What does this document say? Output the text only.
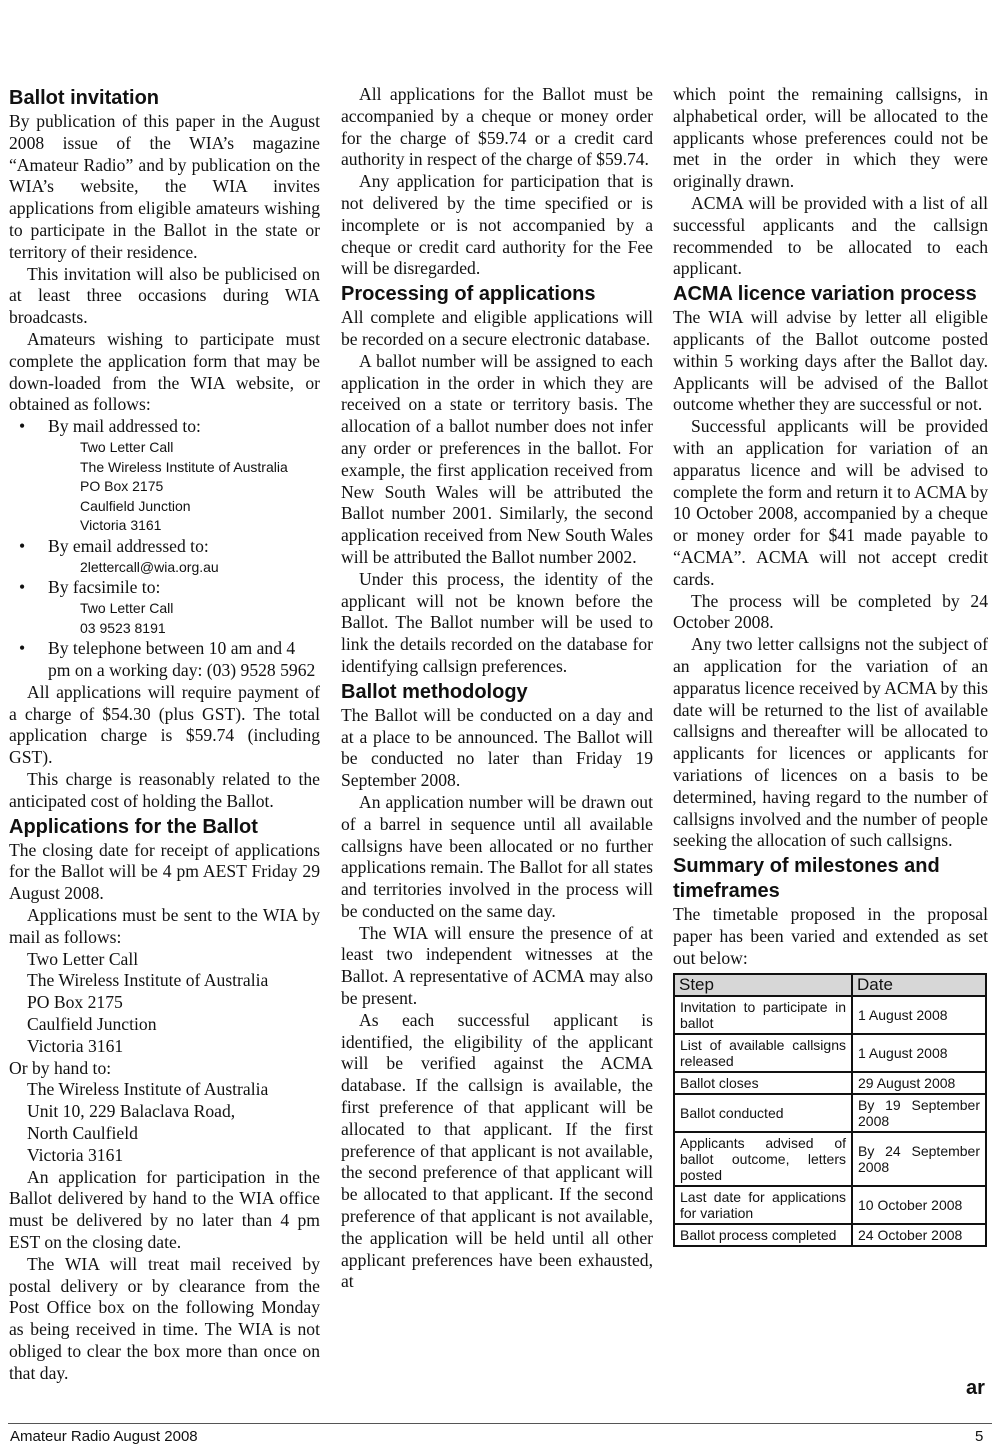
Ballot invitation

By publication of this paper in the August 2008 issue of the WIA’s magazine “Amateur Radio” and by publication on the WIA’s website, the WIA invites applications from eligible amateurs wishing to participate in the Ballot in the state or territory of their residence.

This invitation will also be publicised on at least three occasions during WIA broadcasts.

Amateurs wishing to participate must complete the application form that may be down-loaded from the WIA website, or obtained as follows:

• By mail addressed to:
Two Letter Call
The Wireless Institute of Australia
PO Box 2175
Caulfield Junction
Victoria 3161
• By email addressed to:
2lettercall@wia.org.au
• By facsimile to:
Two Letter Call
03 9523 8191
• By telephone between 10 am and 4 pm on a working day: (03) 9528 5962

All applications will require payment of a charge of $54.30 (plus GST). The total application charge is $59.74 (including GST).

This charge is reasonably related to the anticipated cost of holding the Ballot.

Applications for the Ballot

The closing date for receipt of applications for the Ballot will be 4 pm AEST Friday 29 August 2008.

Applications must be sent to the WIA by mail as follows:

Two Letter Call
The Wireless Institute of Australia
PO Box 2175
Caulfield Junction
Victoria 3161
Or by hand to:
The Wireless Institute of Australia
Unit 10, 229 Balaclava Road,
North Caulfield
Victoria 3161

An application for participation in the Ballot delivered by hand to the WIA office must be delivered by no later than 4 pm EST on the closing date.

The WIA will treat mail received by postal delivery or by clearance from the Post Office box on the following Monday as being received in time. The WIA is not obliged to clear the box more than once on that day.

All applications for the Ballot must be accompanied by a cheque or money order for the charge of $59.74 or a credit card authority in respect of the charge of $59.74.

Any application for participation that is not delivered by the time specified or is incomplete or is not accompanied by a cheque or credit card authority for the Fee will be disregarded.

Processing of applications

All complete and eligible applications will be recorded on a secure electronic database.

A ballot number will be assigned to each application in the order in which they are received on a state or territory basis. The allocation of a ballot number does not infer any order or preferences in the ballot. For example, the first application received from New South Wales will be attributed the Ballot number 2001. Similarly, the second application received from New South Wales will be attributed the Ballot number 2002.

Under this process, the identity of the applicant will not be known before the Ballot. The Ballot number will be used to link the details recorded on the database for identifying callsign preferences.

Ballot methodology

The Ballot will be conducted on a day and at a place to be announced. The Ballot will be conducted no later than Friday 19 September 2008.

An application number will be drawn out of a barrel in sequence until all available callsigns have been allocated or no further applications remain. The Ballot for all states and territories involved in the process will be conducted on the same day.

The WIA will ensure the presence of at least two independent witnesses at the Ballot. A representative of ACMA may also be present.

As each successful applicant is identified, the eligibility of the applicant will be verified against the ACMA database. If the callsign is available, the first preference of that applicant will be allocated to that applicant. If the first preference of that applicant is not available, the second preference of that applicant will be allocated to that applicant. If the second preference of that applicant is not available, the application will be held until all other applicant preferences have been exhausted, at

which point the remaining callsigns, in alphabetical order, will be allocated to the applicants whose preferences could not be met in the order in which they were originally drawn.

ACMA will be provided with a list of all successful applicants and the callsign recommended to be allocated to each applicant.

ACMA licence variation process

The WIA will advise by letter all eligible applicants of the Ballot outcome posted within 5 working days after the Ballot day. Applicants will be advised of the Ballot outcome whether they are successful or not.

Successful applicants will be provided with an application for variation of an apparatus licence and will be advised to complete the form and return it to ACMA by 10 October 2008, accompanied by a cheque or money order for $41 made payable to “ACMA”. ACMA will not accept credit cards.

The process will be completed by 24 October 2008.

Any two letter callsigns not the subject of an application for the variation of an apparatus licence received by ACMA by this date will be returned to the list of available callsigns and thereafter will be allocated to applicants for licences or applicants for variations of licences on a basis to be determined, having regard to the number of callsigns involved and the number of people seeking the allocation of such callsigns.

Summary of milestones and timeframes

The timetable proposed in the proposal paper has been varied and extended as set out below:

Step	Date
Invitation to participate in ballot	1 August 2008
List of available callsigns released	1 August 2008
Ballot closes	29 August 2008
Ballot conducted	By 19 September 2008
Applicants advised of ballot outcome, letters posted	By 24 September 2008
Last date for applications for variation	10 October 2008
Ballot process completed	24 October 2008
ar
Amateur Radio August 2008	5
